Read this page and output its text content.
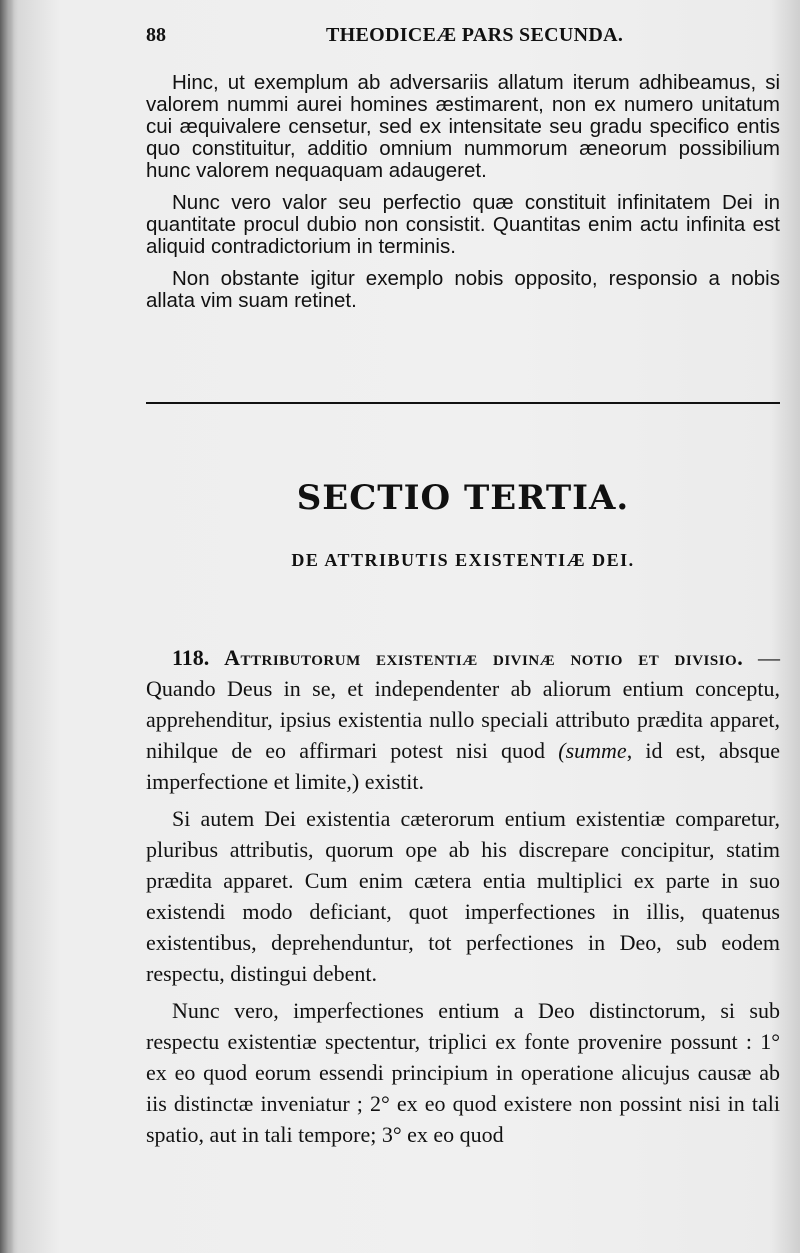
88	THEODICEÆ PARS SECUNDA.

Hinc, ut exemplum ab adversariis allatum iterum adhibeamus, si valorem nummi aurei homines æstimarent, non ex numero unitatum cui æquivalere censetur, sed ex intensitate seu gradu specifico entis quo constituitur, additio omnium nummorum æneorum possibilium hunc valorem nequaquam adaugeret.

Nunc vero valor seu perfectio quæ constituit infinitatem Dei in quantitate procul dubio non consistit. Quantitas enim actu infinita est aliquid contradictorium in terminis.

Non obstante igitur exemplo nobis opposito, responsio a nobis allata vim suam retinet.

SECTIO TERTIA.
DE ATTRIBUTIS EXISTENTIÆ DEI.

118. Attributorum existentiæ divinæ notio et divisio. — Quando Deus in se, et independenter ab aliorum entium conceptu, apprehenditur, ipsius existentia nullo speciali attributo prædita apparet, nihilque de eo affirmari potest nisi quod (summe, id est, absque imperfectione et limite,) existit.

Si autem Dei existentia cæterorum entium existentiæ comparetur, pluribus attributis, quorum ope ab his discrepare concipitur, statim prædita apparet. Cum enim cætera entia multiplici ex parte in suo existendi modo deficiant, quot imperfectiones in illis, quatenus existentibus, deprehenduntur, tot perfectiones in Deo, sub eodem respectu, distingui debent.

Nunc vero, imperfectiones entium a Deo distinctorum, si sub respectu existentiæ spectentur, triplici ex fonte provenire possunt : 1° ex eo quod eorum essendi principium in operatione alicujus causæ ab iis distinctæ inveniatur ; 2° ex eo quod existere non possint nisi in tali spatio, aut in tali tempore; 3° ex eo quod
